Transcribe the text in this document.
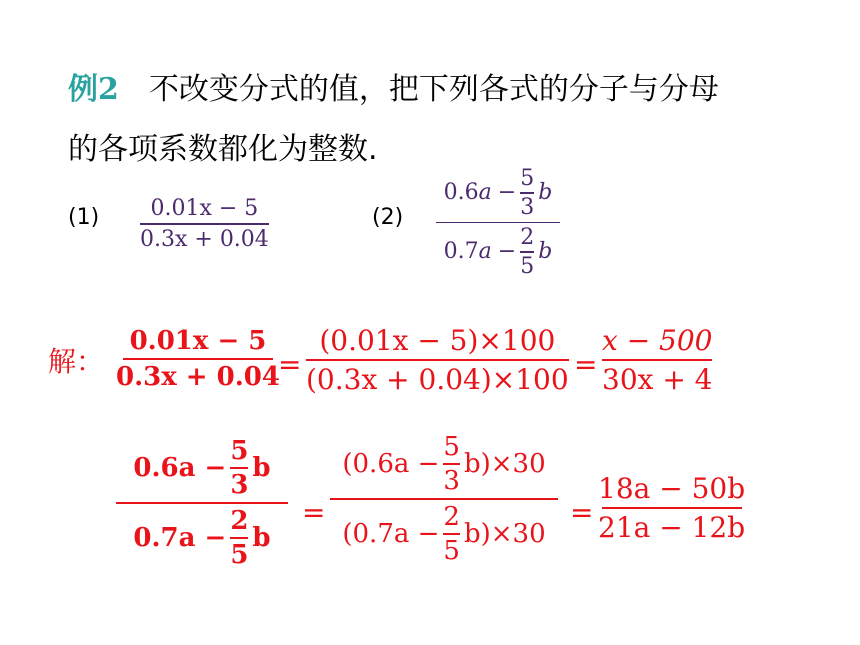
例2 不改变分式的值，把下列各式的分子与分母
的各项系数都化为整数.
(1) 0.01x − 5
0.3x + 0.04
(2)
0.6 a −
5
3
b
0.7 a −
2
5
b
解：
0.01x − 5
0.3x + 0.04
=
(0.01x − 5)×100
(0.3x + 0.04)×100 =
x − 500
30x + 4
0.6a −
5
3
b
0.7a −
2
5
b
=
(0.6a −
5
3
b)×30
(0.7a −
2
5
b)×30
=
18a − 50b
21a − 12b
